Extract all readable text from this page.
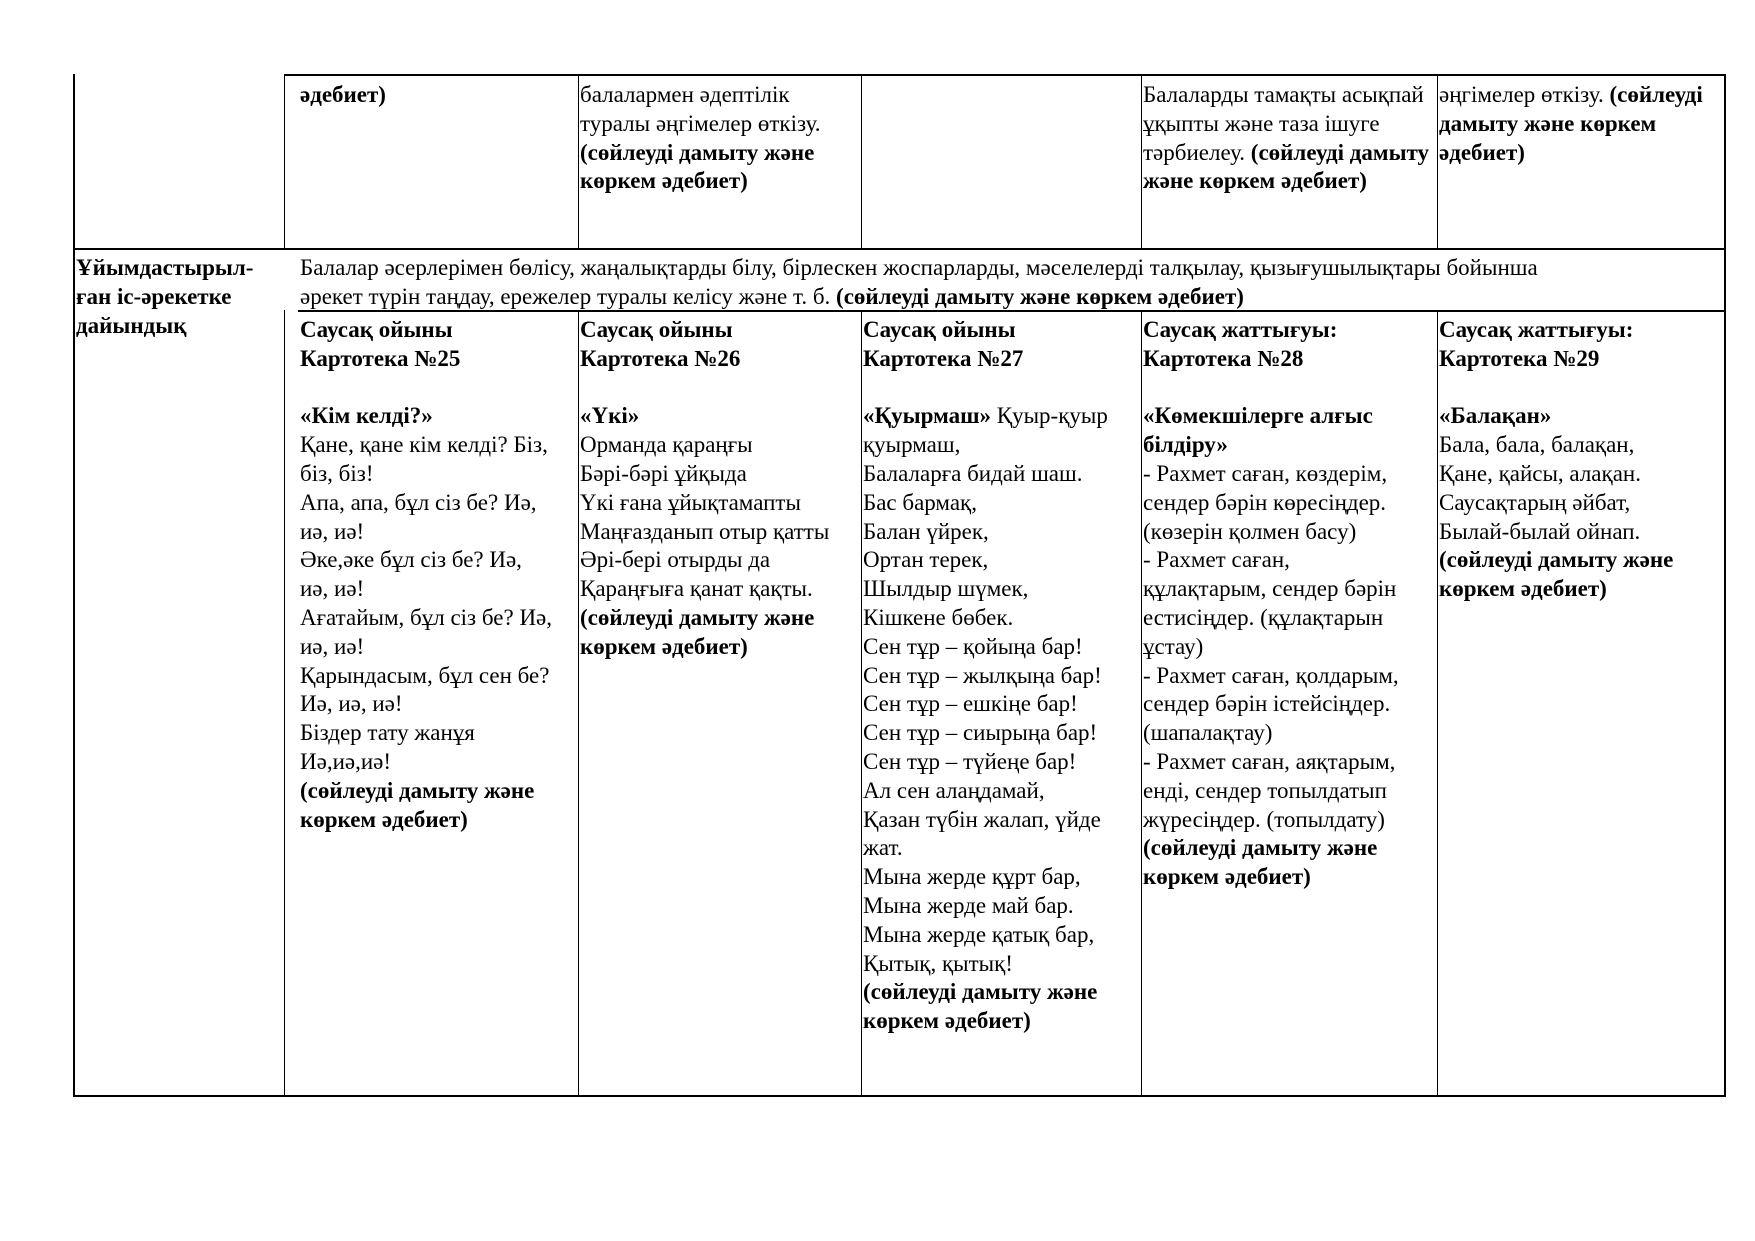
әдебиет)	балалармен әдептілік
туралы әңгімелер өткізу.
(сөйлеуді дамыту және
көркем әдебиет)
Балаларды тамақты асықпай
ұқыпты және таза ішуге
тәрбиелеу. (сөйлеуді дамыту
және көркем әдебиет)
әңгімелер өткізу. (сөйлеуді
дамыту және көркем
әдебиет)
Ұйымдастырыл-
ған іс-әрекетке
дайындық
Балалар әсерлерімен бөлісу, жаңалықтарды білу, бірлескен жоспарларды, мәселелерді талқылау, қызығушылықтары бойынша
әрекет түрін таңдау, ережелер туралы келісу және т. б. (сөйлеуді дамыту және көркем әдебиет)
Саусақ ойыны
Картотека №25
«Кім келді?»
Қане, қане кім келді? Біз,
біз, біз!
Апа, апа, бұл сіз бе? Иә,
иә, иә!
Әке,әке бұл сіз бе? Иә,
иә, иә!
Ағатайым, бұл сіз бе? Иә,
иә, иә!
Қарындасым, бұл сен бе?
Иә, иә, иә!
Біздер тату жанұя
Иә,иә,иә!
(сөйлеуді дамыту және
көркем әдебиет)
Саусақ ойыны
Картотека №26
«Үкі»
Орманда қараңғы
Бәрі-бәрі ұйқыда
Үкі ғана ұйықтамапты
Маңғазданып отыр қатты
Әрі-бері отырды да
Қараңғыға қанат қақты.
(сөйлеуді дамыту және
көркем әдебиет)
Саусақ ойыны
Картотека №27
«Қуырмаш» Қуыр-қуыр
қуырмаш,
Балаларға бидай шаш.
Бас бармақ,
Балан үйрек,
Ортан терек,
Шылдыр шүмек,
Кішкене бөбек.
Сен тұр – қойыңа бар!
Сен тұр – жылқыңа бар!
Сен тұр – ешкіңе бар!
Сен тұр – сиырыңа бар!
Сен тұр – түйеңе бар!
Ал сен алаңдамай,
Қазан түбін жалап, үйде
жат.
Мына жерде құрт бар,
Мына жерде май бар.
Мына жерде қатық бар,
Қытық, қытық!
(сөйлеуді дамыту және
көркем әдебиет)
Саусақ жаттығуы:
Картотека №28
«Көмекшілерге алғыс
білдіру»
- Рахмет саған, көздерім,
сендер бәрін көресіңдер.
(көзерін қолмен басу)
- Рахмет саған,
құлақтарым, сендер бәрін
естисіңдер. (құлақтарын
ұстау)
- Рахмет саған, қолдарым,
сендер бәрін істейсіңдер.
(шапалақтау)
- Рахмет саған, аяқтарым,
енді, сендер топылдатып
жүресіңдер. (топылдату)
(сөйлеуді дамыту және
көркем әдебиет)
Саусақ жаттығуы:
Картотека №29
«Балақан»
Бала, бала, балақан,
Қане, қайсы, алақан.
Саусақтарың әйбат,
Былай-былай ойнап.
(сөйлеуді дамыту және
көркем әдебиет)
